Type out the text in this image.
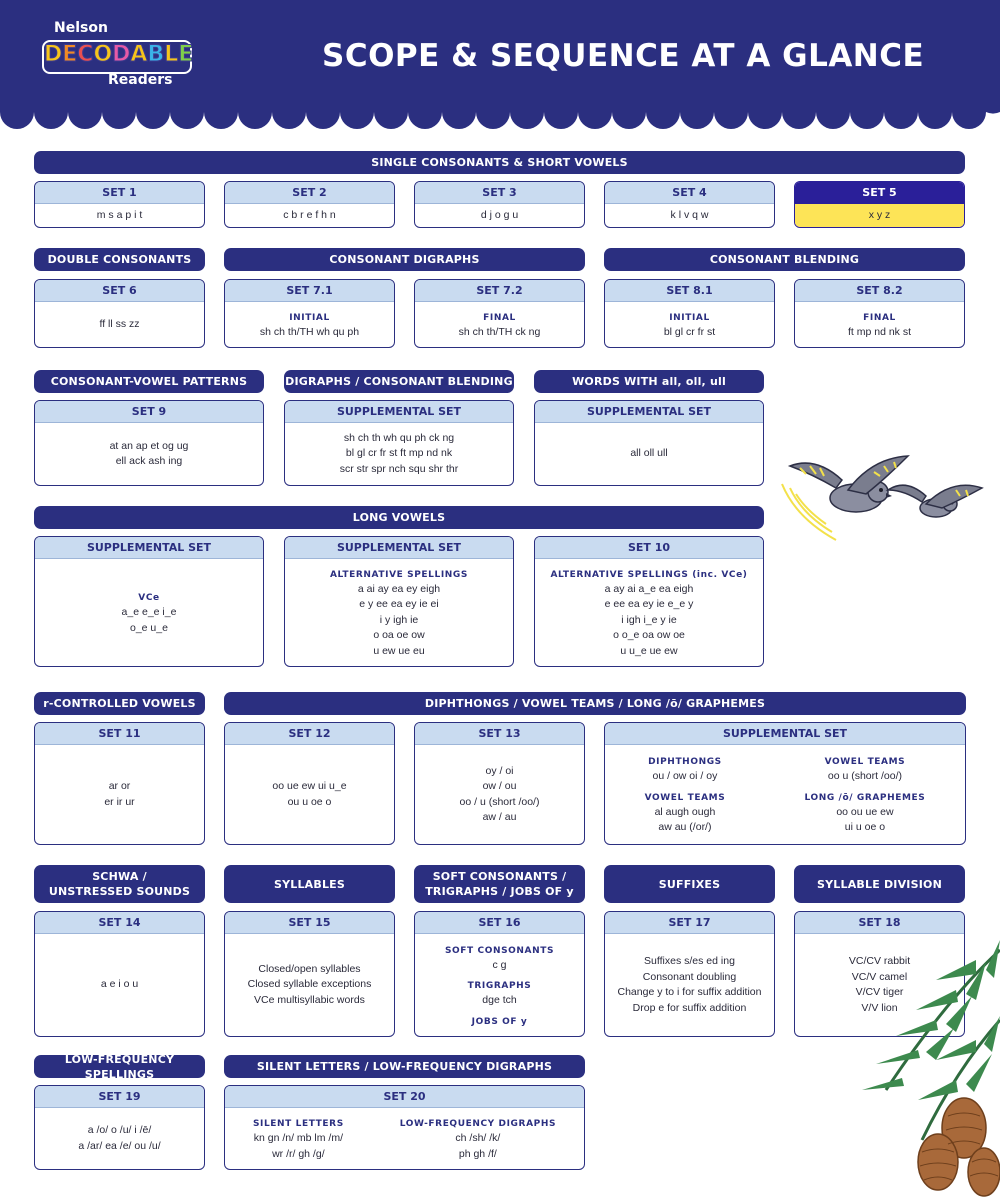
Nelson
D E C O D A B L E
Readers
SCOPE & SEQUENCE AT A GLANCE
SINGLE CONSONANTS & SHORT VOWELS
SET 1
m s a p i t
SET 2
c b r e f h n
SET 3
d j o g u
SET 4
k l v q w
SET 5
x y z
DOUBLE CONSONANTS	CONSONANT DIGRAPHS	CONSONANT BLENDING
SET 6
ff ll ss zz
SET 7.1
INITIAL
sh ch th/TH wh qu ph
SET 7.2
FINAL
sh ch th/TH ck ng
SET 8.1
INITIAL
bl gl cr fr st
SET 8.2
FINAL
ft mp nd nk st
CONSONANT-VOWEL PATTERNS	DIGRAPHS / CONSONANT BLENDING	WORDS WITH all, oll, ull
SET 9
at an ap et og ug
ell ack ash ing
SUPPLEMENTAL SET
sh ch th wh qu ph ck ng
bl gl cr fr st ft mp nd nk
scr str spr nch squ shr thr
SUPPLEMENTAL SET
all oll ull
LONG VOWELS
SUPPLEMENTAL SET
VCe
a_e e_e i_e
o_e u_e
SUPPLEMENTAL SET
ALTERNATIVE SPELLINGS
a ai ay ea ey eigh
e y ee ea ey ie ei
i y igh ie
o oa oe ow
u ew ue eu
SET 10
ALTERNATIVE SPELLINGS (inc. VCe)
a ay ai a_e ea eigh
e ee ea ey ie e_e y
i igh i_e y ie
o o_e oa ow oe
u u_e ue ew
r-CONTROLLED VOWELS	DIPHTHONGS / VOWEL TEAMS / LONG /ō/ GRAPHEMES
SET 11
ar or
er ir ur
SET 12
oo ue ew ui u_e
ou u oe o
SET 13
oy / oi
ow / ou
oo / u (short /oo/)
aw / au
SUPPLEMENTAL SET
DIPHTHONGS
ou / ow oi / oy
VOWEL TEAMS
al augh ough
aw au (/or/)
VOWEL TEAMS
oo u (short /oo/)
LONG /ō/ GRAPHEMES
oo ou ue ew
ui u oe o
SCHWA /
UNSTRESSED SOUNDS
SYLLABLES
SOFT CONSONANTS /
TRIGRAPHS / JOBS OF y
SUFFIXES	SYLLABLE DIVISION
SET 14
a e i o u
SET 15
Closed/open syllables
Closed syllable exceptions
VCe multisyllabic words
SET 16
SOFT CONSONANTS
c g
TRIGRAPHS
dge tch
JOBS OF y
SET 17
Suffixes s/es ed ing
Consonant doubling
Change y to i for suffix addition
Drop e for suffix addition
SET 18
VC/CV rabbit
VC/V camel
V/CV tiger
V/V lion
LOW-FREQUENCY SPELLINGS
SILENT LETTERS / LOW-FREQUENCY DIGRAPHS
SET 19
a /o/ o /u/ i /ē/
a /ar/ ea /e/ ou /u/
SET 20
SILENT LETTERS
kn gn /n/ mb lm /m/
wr /r/ gh /g/
LOW-FREQUENCY DIGRAPHS
ch /sh/ /k/
ph gh /f/
